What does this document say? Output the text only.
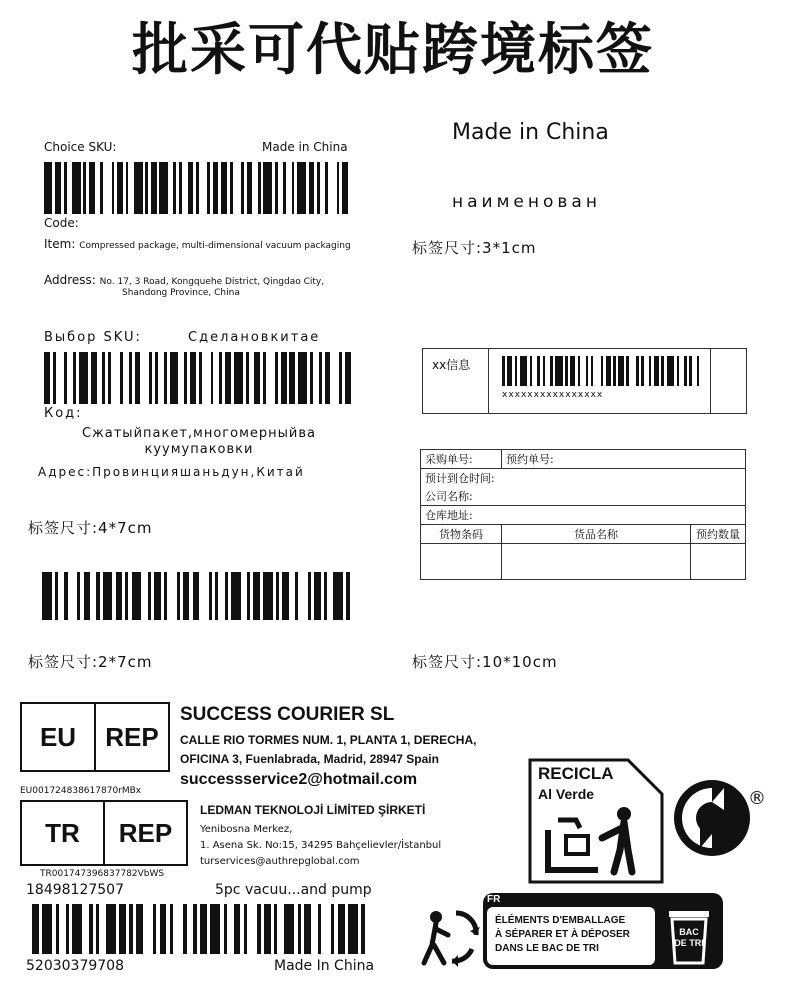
批采可代贴跨境标签
Choice SKU:	Made in China
Code:
Item: Compressed package, multi-dimensional vacuum packaging
Address: No. 17, 3 Road, Kongquehe District, Qingdao City,
Shandong Province, China
Made in China
наименован
标签尺寸:3*1cm
Выбор SKU:	Сделановкитае
Код:
Сжатыйпакет,многомерныйва
куумупаковки
Адрес:Провинцияшаньдун,Китай
标签尺寸:4*7cm
xx信息
xxxxxxxxxxxxxxxx
采购单号:	预约单号:	
预计到仓时间:		
公司名称:		
仓库地址:		
货物条码	货品名称	预约数量

标签尺寸:2*7cm	标签尺寸:10*10cm
EU	REP
EU001724838617870rMBx
SUCCESS COURIER SL
CALLE RIO TORMES NUM. 1, PLANTA 1, DERECHA,
OFICINA 3, Fuenlabrada, Madrid, 28947 Spain
successservice2@hotmail.com
TR	REP
TR001747396837782VbWS
LEDMAN TEKNOLOJİ LİMİTED ŞİRKETİ
Yenibosna Merkez,
1. Asena Sk. No:15, 34295 Bahçelievler/İstanbul
turservices@authrepglobal.com
18498127507	5pc vacuu...and pump
52030379708	Made In China
RECICLA
Al Verde	®
FR
ÉLÉMENTS D'EMBALLAGE
À SÉPARER ET À DÉPOSER
DANS LE BAC DE TRI
BAC DE TRI
